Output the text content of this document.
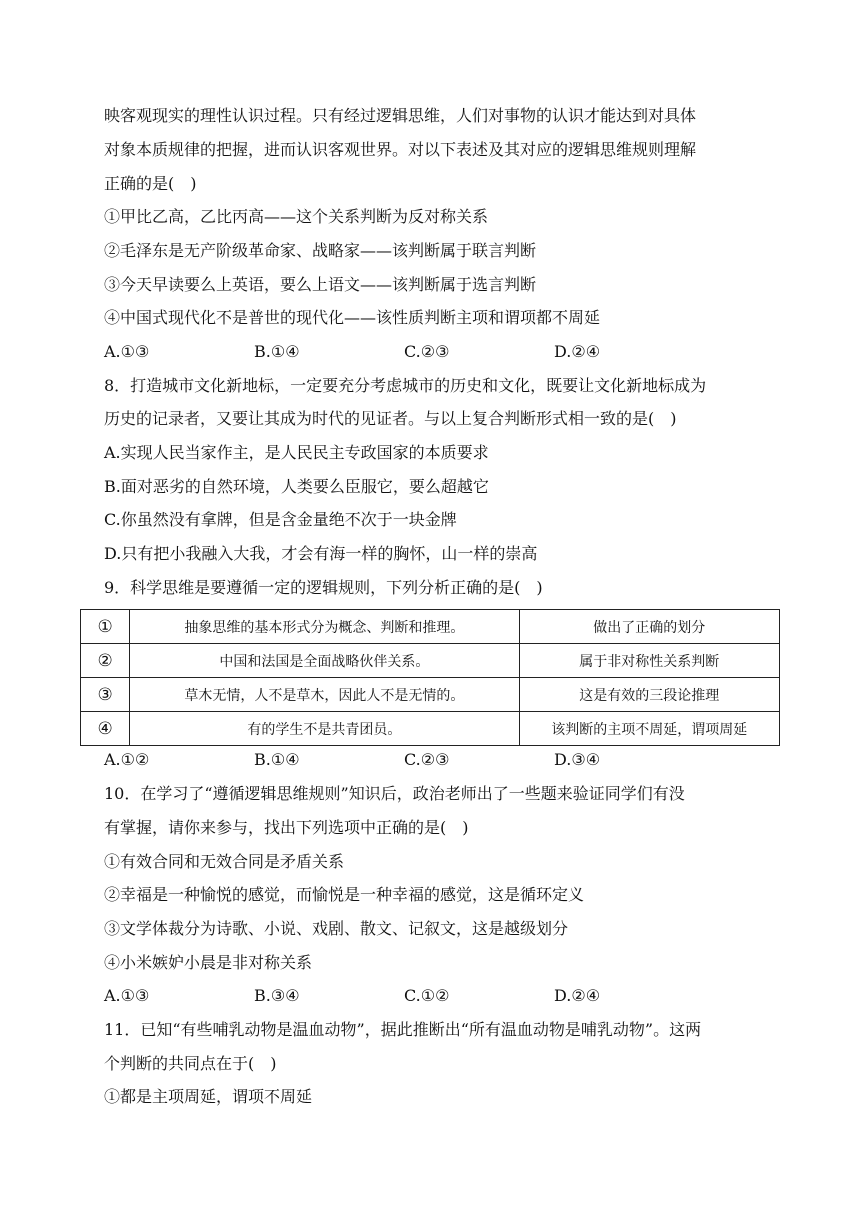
映客观现实的理性认识过程。只有经过逻辑思维，人们对事物的认识才能达到对具体
对象本质规律的把握，进而认识客观世界。对以下表述及其对应的逻辑思维规则理解
正确的是(　)
①甲比乙高，乙比丙高——这个关系判断为反对称关系
②毛泽东是无产阶级革命家、战略家——该判断属于联言判断
③今天早读要么上英语，要么上语文——该判断属于选言判断
④中国式现代化不是普世的现代化——该性质判断主项和谓项都不周延
A.①③	B.①④	C.②③	D.②④
8．打造城市文化新地标，一定要充分考虑城市的历史和文化，既要让文化新地标成为
历史的记录者，又要让其成为时代的见证者。与以上复合判断形式相一致的是(　)
A.实现人民当家作主，是人民民主专政国家的本质要求
B.面对恶劣的自然环境，人类要么臣服它，要么超越它
C.你虽然没有拿牌，但是含金量绝不次于一块金牌
D.只有把小我融入大我，才会有海一样的胸怀，山一样的崇高
9．科学思维是要遵循一定的逻辑规则，下列分析正确的是(　)
①	抽象思维的基本形式分为概念、判断和推理。	做出了正确的划分
②	中国和法国是全面战略伙伴关系。	属于非对称性关系判断
③	草木无情，人不是草木，因此人不是无情的。	这是有效的三段论推理
④	有的学生不是共青团员。	该判断的主项不周延，谓项周延
A.①②	B.①④	C.②③	D.③④
10．在学习了“遵循逻辑思维规则”知识后，政治老师出了一些题来验证同学们有没
有掌握，请你来参与，找出下列选项中正确的是(　)
①有效合同和无效合同是矛盾关系
②幸福是一种愉悦的感觉，而愉悦是一种幸福的感觉，这是循环定义
③文学体裁分为诗歌、小说、戏剧、散文、记叙文，这是越级划分
④小米嫉妒小晨是非对称关系
A.①③	B.③④	C.①②	D.②④
11．已知“有些哺乳动物是温血动物”，据此推断出“所有温血动物是哺乳动物”。这两
个判断的共同点在于(　)
①都是主项周延，谓项不周延
